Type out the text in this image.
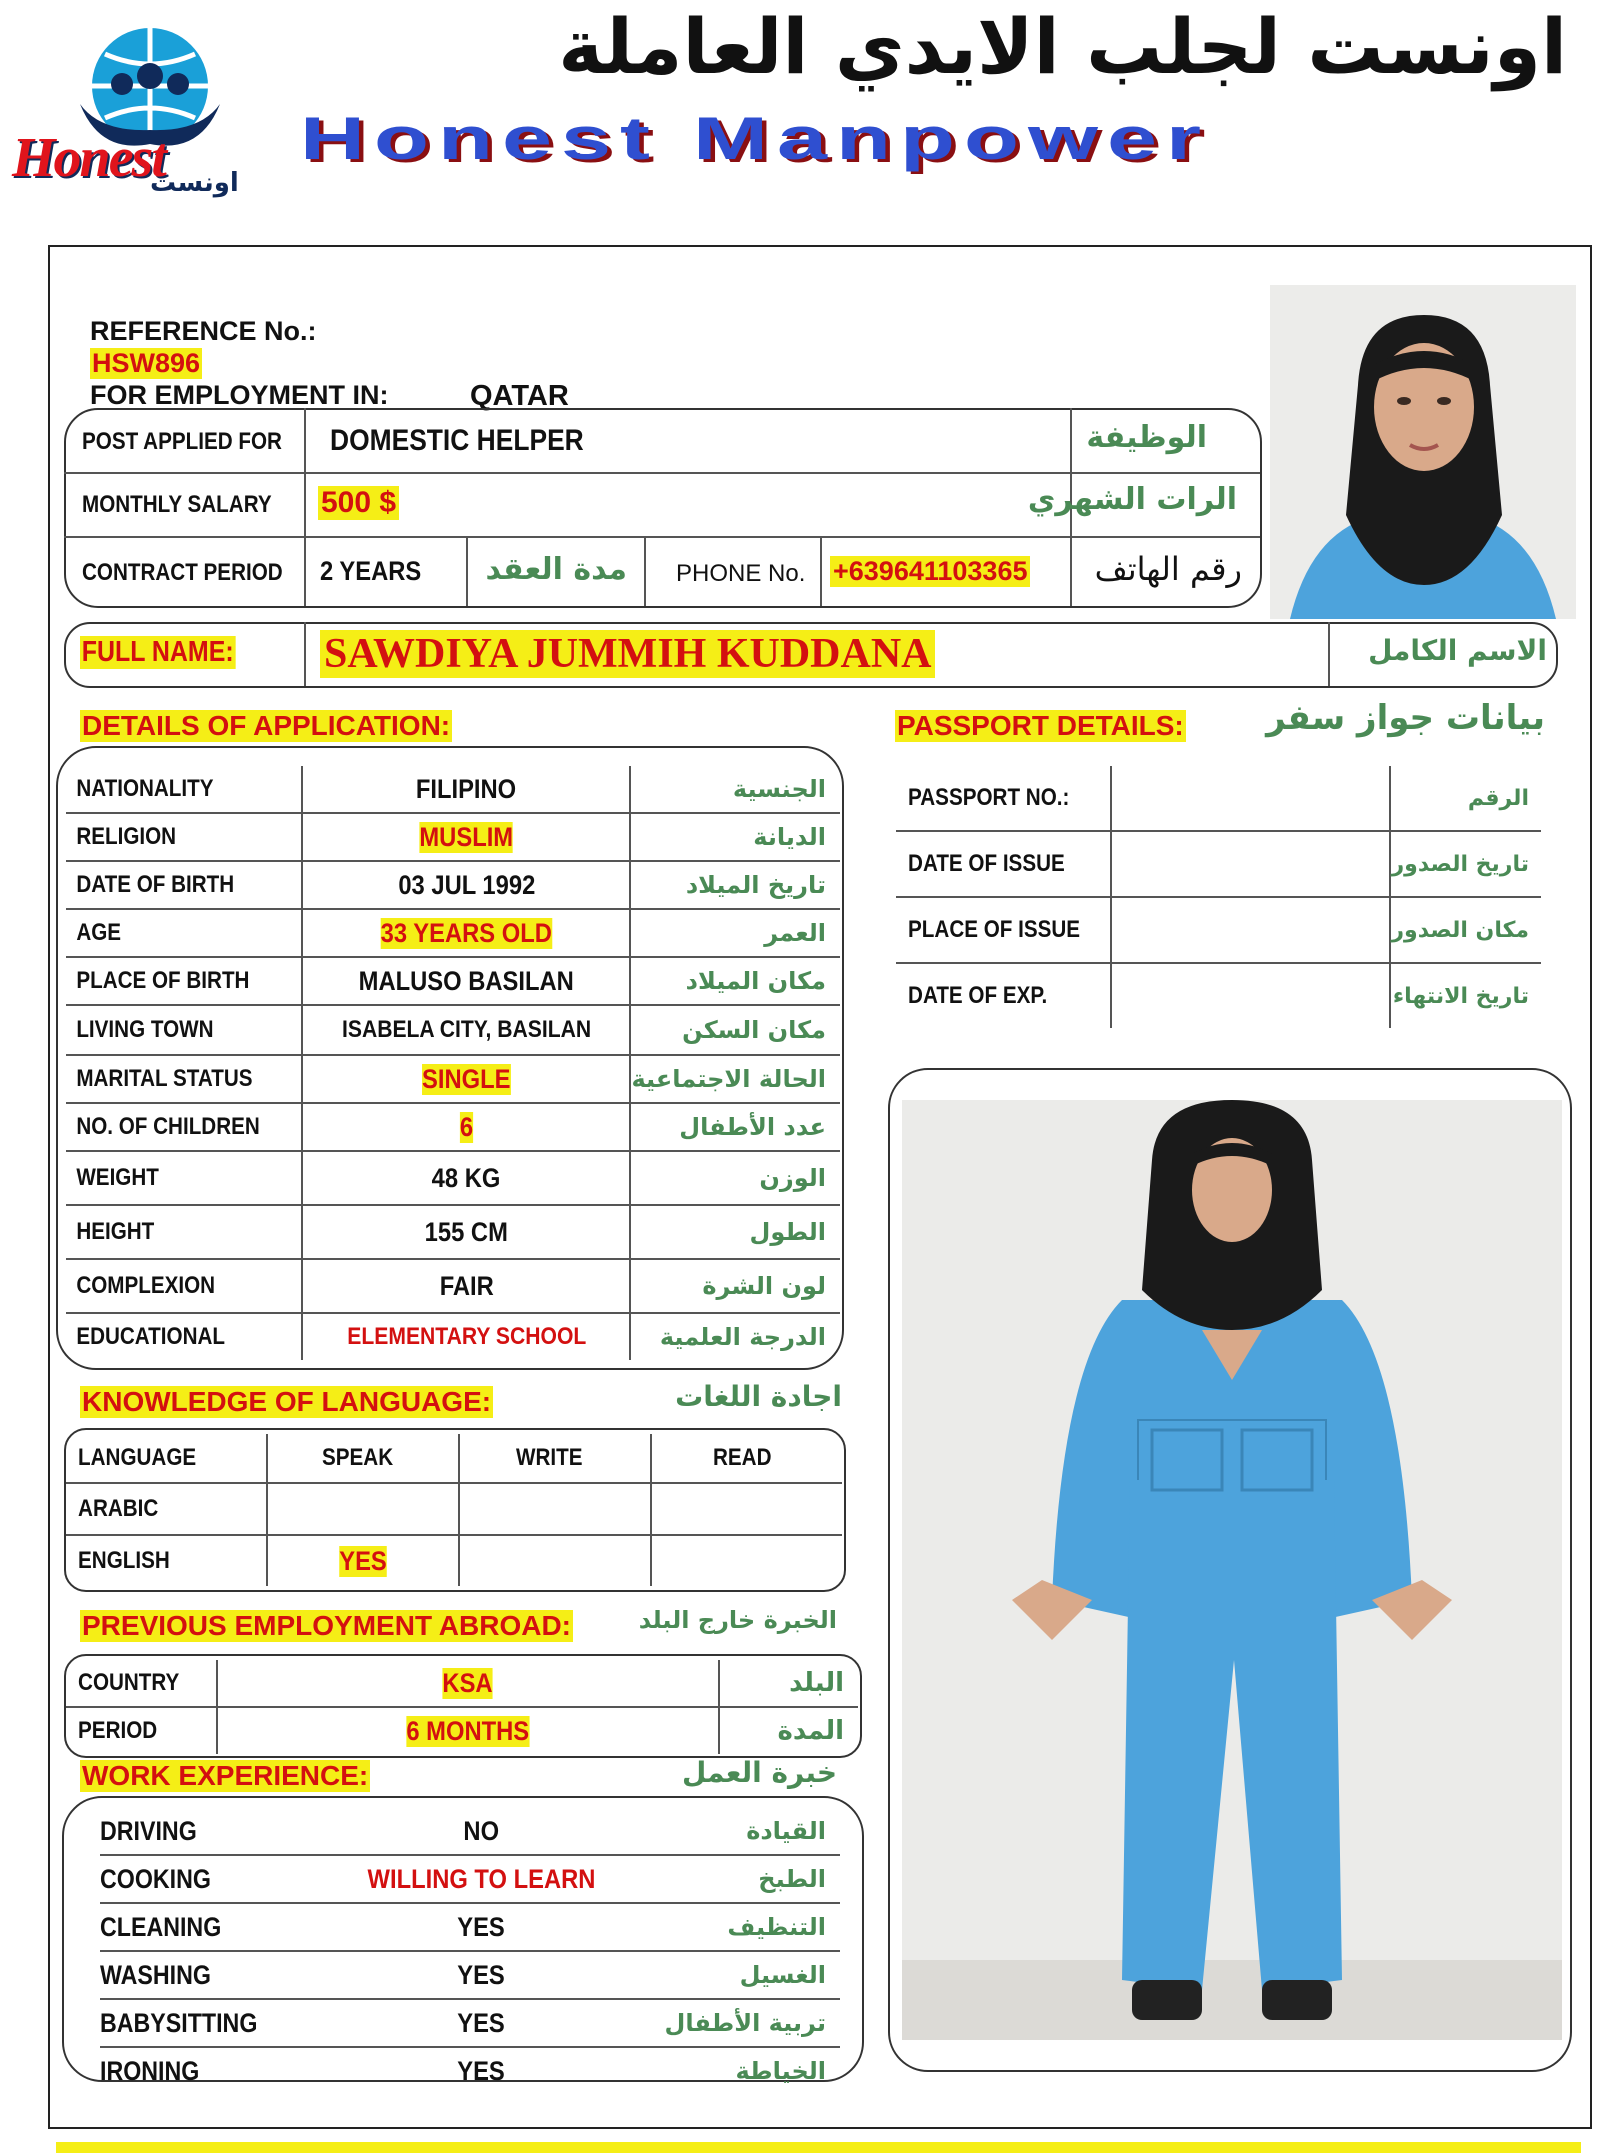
Honest
اونست
اونست لجلب الايدي العاملة
Honest Manpower
REFERENCE No.:
HSW896
FOR EMPLOYMENT IN:	QATAR
POST APPLIED FOR DOMESTIC HELPER	الوظيفة
MONTHLY SALARY 500 $	الرات الشهري
CONTRACT PERIOD 2 YEARS مدة العقد PHONE No. +639641103365 رقم الهاتف
FULL NAME: SAWDIYA JUMMIH KUDDANA	الاسم الكامل
DETAILS OF APPLICATION:	PASSPORT DETAILS: بيانات جواز سفر
NATIONALITY	FILIPINO	الجنسية

RELIGION	MUSLIM	الديانة

DATE OF BIRTH	03 JUL 1992	تاريخ الميلاد

AGE	33 YEARS OLD	العمر

PLACE OF BIRTH	MALUSO BASILAN	مكان الميلاد

LIVING TOWN	ISABELA CITY, BASILAN	مكان السكن

MARITAL STATUS	SINGLE	الحالة الاجتماعية

NO. OF CHILDREN	6	عدد الأطفال

WEIGHT	48 KG	الوزن

HEIGHT	155 CM	الطول

COMPLEXION	FAIR	لون الشرة

EDUCATIONAL	ELEMENTARY SCHOOL	الدرجة العلمية
PASSPORT NO.:		الرقم

DATE OF ISSUE		تاريخ الصدور

PLACE OF ISSUE		مكان الصدور

DATE OF EXP.		تاريخ الانتهاء
KNOWLEDGE OF LANGUAGE:	اجادة اللغات
LANGUAGE	SPEAK	WRITE	READ
ARABIC			
ENGLISH	YES		
PREVIOUS EMPLOYMENT ABROAD:	الخبرة خارج البلد
COUNTRY	KSA	البلد

PERIOD	6 MONTHS	المدة
WORK EXPERIENCE:	خبرة العمل
DRIVING	NO	القيادة

COOKING	WILLING TO LEARN	الطبخ

CLEANING	YES	التنظيف

WASHING	YES	الغسيل

BABYSITTING	YES	تربية الأطفال

IRONING	YES	الخياطة
